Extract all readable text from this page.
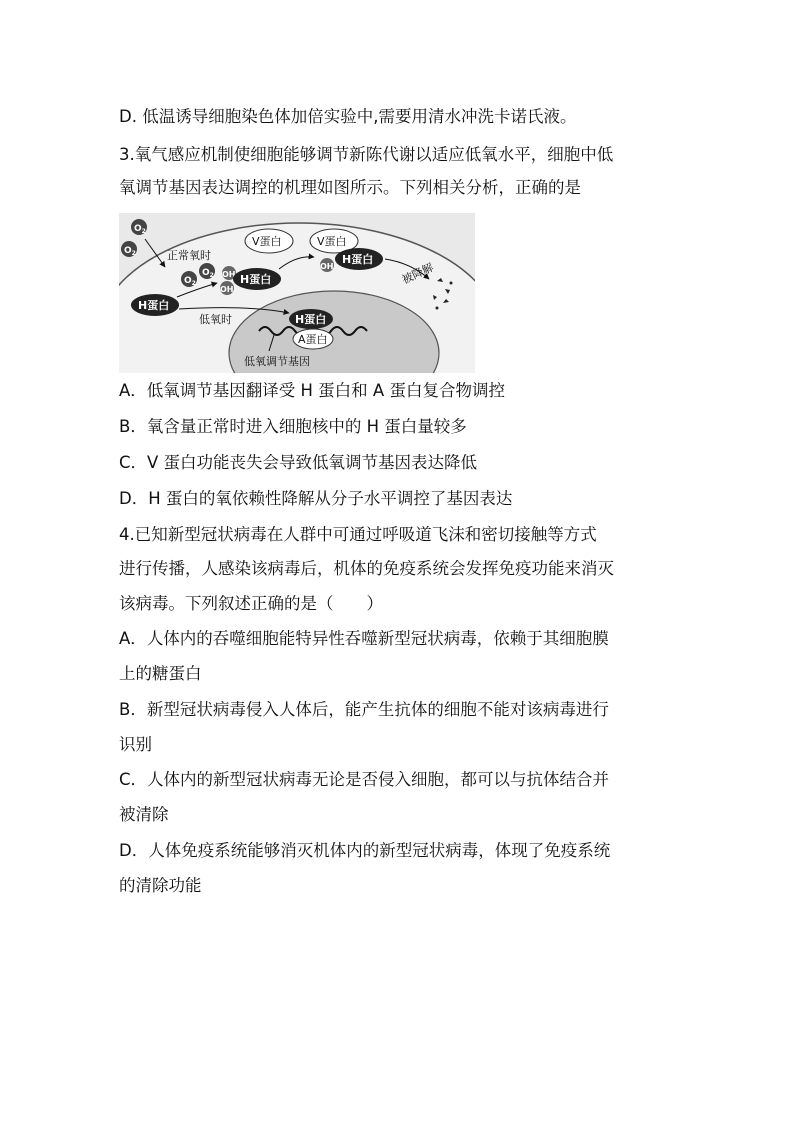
D. 低温诱导细胞染色体加倍实验中,需要用清水冲洗卡诺氏液。
3.氧气感应机制使细胞能够调节新陈代谢以适应低氧水平，细胞中低
氧调节基因表达调控的机理如图所示。下列相关分析，正确的是
$O_2$
$O_2$
$O_2$
$O_2$
正常氧时
V蛋白
OH
OH
H蛋白
V蛋白
OH
H蛋白
被降解
H蛋白
低氧时	H蛋白
A蛋白
低氧调节基因
A．低氧调节基因翻译受 H 蛋白和 A 蛋白复合物调控
B．氧含量正常时进入细胞核中的 H 蛋白量较多
C．V 蛋白功能丧失会导致低氧调节基因表达降低
D．H 蛋白的氧依赖性降解从分子水平调控了基因表达
4.已知新型冠状病毒在人群中可通过呼吸道飞沫和密切接触等方式
进行传播，人感染该病毒后，机体的免疫系统会发挥免疫功能来消灭
该病毒。下列叙述正确的是（　　）
A．人体内的吞噬细胞能特异性吞噬新型冠状病毒，依赖于其细胞膜
上的糖蛋白
B．新型冠状病毒侵入人体后，能产生抗体的细胞不能对该病毒进行
识别
C．人体内的新型冠状病毒无论是否侵入细胞，都可以与抗体结合并
被清除
D．人体免疫系统能够消灭机体内的新型冠状病毒，体现了免疫系统
的清除功能
